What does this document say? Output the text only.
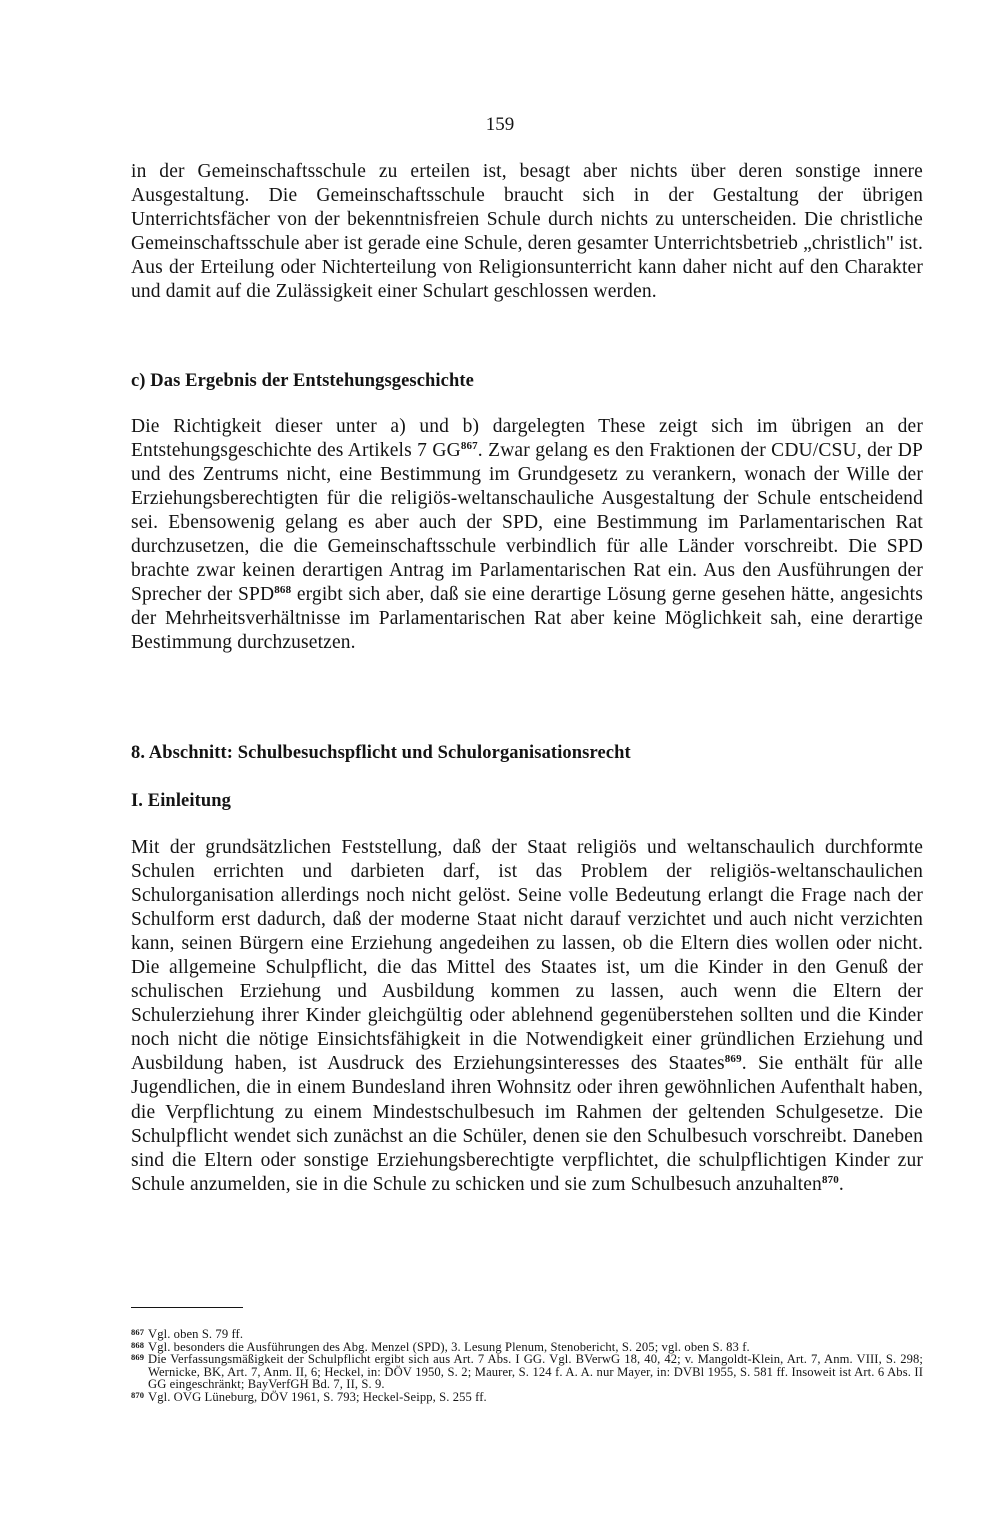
159

in der Gemeinschaftsschule zu erteilen ist, besagt aber nichts über deren sonstige innere Ausgestaltung. Die Gemeinschaftsschule braucht sich in der Gestaltung der übrigen Unterrichtsfächer von der bekenntnisfreien Schule durch nichts zu unterscheiden. Die christliche Gemeinschaftsschule aber ist gerade eine Schule, deren gesamter Unterrichtsbetrieb „christlich" ist. Aus der Erteilung oder Nichterteilung von Religionsunterricht kann daher nicht auf den Charakter und damit auf die Zulässigkeit einer Schulart geschlossen werden.

c) Das Ergebnis der Entstehungsgeschichte

Die Richtigkeit dieser unter a) und b) dargelegten These zeigt sich im übrigen an der Entstehungsgeschichte des Artikels 7 GG$^{867}$. Zwar gelang es den Fraktionen der CDU/CSU, der DP und des Zentrums nicht, eine Bestimmung im Grundgesetz zu verankern, wonach der Wille der Erziehungsberechtigten für die religiös-weltanschauliche Ausgestaltung der Schule entscheidend sei. Ebensowenig gelang es aber auch der SPD, eine Bestimmung im Parlamentarischen Rat durchzusetzen, die die Gemeinschaftsschule verbindlich für alle Länder vorschreibt. Die SPD brachte zwar keinen derartigen Antrag im Parlamentarischen Rat ein. Aus den Ausführungen der Sprecher der SPD$^{868}$ ergibt sich aber, daß sie eine derartige Lösung gerne gesehen hätte, angesichts der Mehrheitsverhältnisse im Parlamentarischen Rat aber keine Möglichkeit sah, eine derartige Bestimmung durchzusetzen.

8. Abschnitt: Schulbesuchspflicht und Schulorganisationsrecht

I. Einleitung

Mit der grundsätzlichen Feststellung, daß der Staat religiös und weltanschaulich durchformte Schulen errichten und darbieten darf, ist das Problem der religiös-weltanschaulichen Schulorganisation allerdings noch nicht gelöst. Seine volle Bedeutung erlangt die Frage nach der Schulform erst dadurch, daß der moderne Staat nicht darauf verzichtet und auch nicht verzichten kann, seinen Bürgern eine Erziehung angedeihen zu lassen, ob die Eltern dies wollen oder nicht. Die allgemeine Schulpflicht, die das Mittel des Staates ist, um die Kinder in den Genuß der schulischen Erziehung und Ausbildung kommen zu lassen, auch wenn die Eltern der Schulerziehung ihrer Kinder gleichgültig oder ablehnend gegenüberstehen sollten und die Kinder noch nicht die nötige Einsichtsfähigkeit in die Notwendigkeit einer gründlichen Erziehung und Ausbildung haben, ist Ausdruck des Erziehungsinteresses des Staates$^{869}$. Sie enthält für alle Jugendlichen, die in einem Bundesland ihren Wohnsitz oder ihren gewöhnlichen Aufenthalt haben, die Verpflichtung zu einem Mindestschulbesuch im Rahmen der geltenden Schulgesetze. Die Schulpflicht wendet sich zunächst an die Schüler, denen sie den Schulbesuch vorschreibt. Daneben sind die Eltern oder sonstige Erziehungsberechtigte verpflichtet, die schulpflichtigen Kinder zur Schule anzumelden, sie in die Schule zu schicken und sie zum Schulbesuch anzuhalten$^{870}$.

867 Vgl. oben S. 79 ff.
868 Vgl. besonders die Ausführungen des Abg. Menzel (SPD), 3. Lesung Plenum, Stenobericht, S. 205; vgl. oben S. 83 f.
869 Die Verfassungsmäßigkeit der Schulpflicht ergibt sich aus Art. 7 Abs. I GG. Vgl. BVerwG 18, 40, 42; v. Mangoldt-Klein, Art. 7, Anm. VIII, S. 298; Wernicke, BK, Art. 7, Anm. II, 6; Heckel, in: DÖV 1950, S. 2; Maurer, S. 124 f. A. A. nur Mayer, in: DVBl 1955, S. 581 ff. Insoweit ist Art. 6 Abs. II GG eingeschränkt; BayVerfGH Bd. 7, II, S. 9.
870 Vgl. OVG Lüneburg, DÖV 1961, S. 793; Heckel-Seipp, S. 255 ff.
